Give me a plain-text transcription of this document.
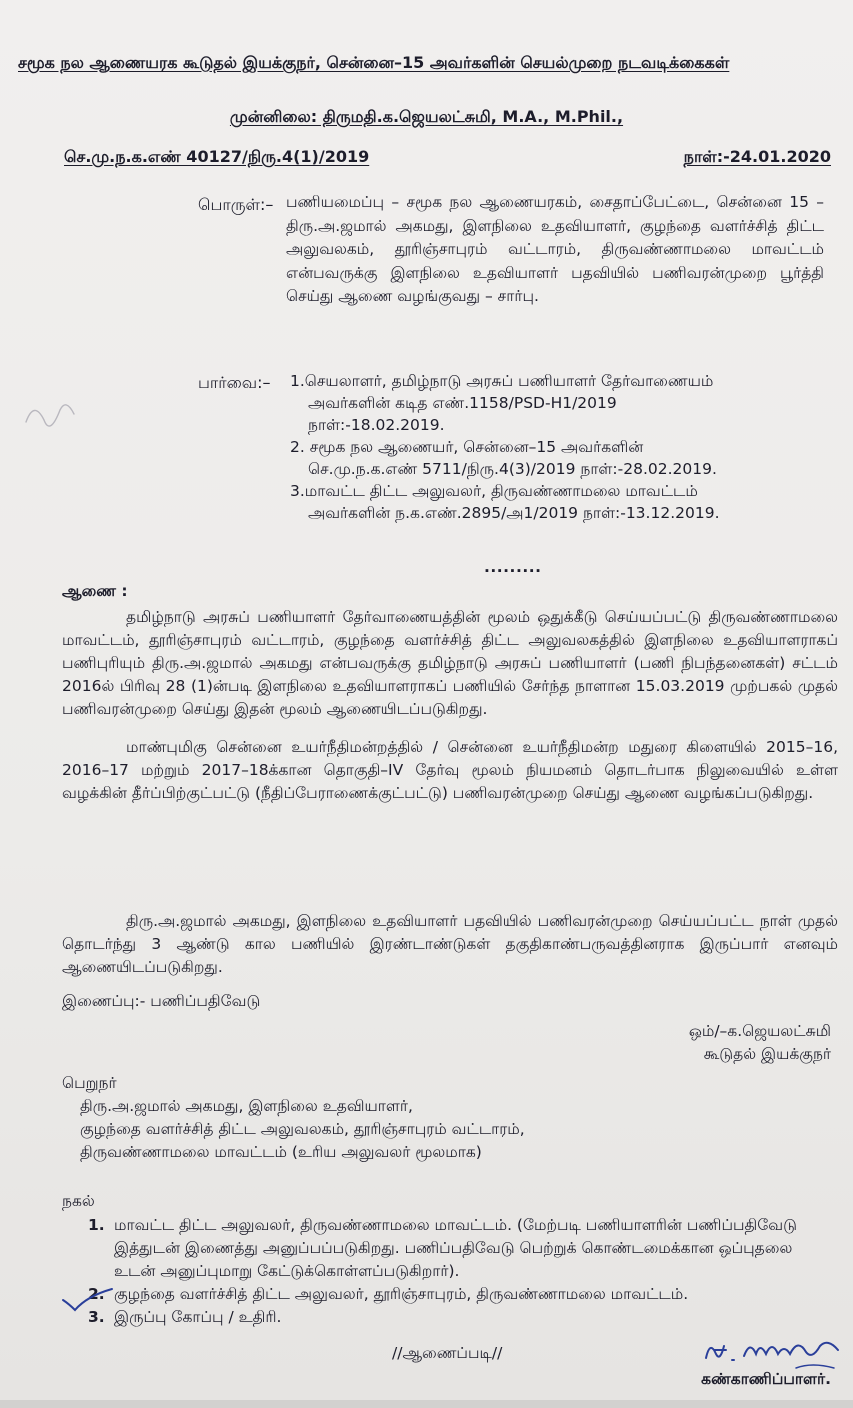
சமூக நல ஆணையரக கூடுதல் இயக்குநர், சென்னை–15 அவர்களின் செயல்முறை நடவடிக்கைகள்
முன்னிலை: திருமதி.க.ஜெயலட்சுமி, M.A., M.Phil.,
செ.மு.ந.க.எண் 40127/நிரு.4(1)/2019	நாள்:-24.01.2020
பொருள்:– பணியமைப்பு – சமூக நல ஆணையரகம், சைதாப்பேட்டை, சென்னை 15 – திரு.அ.ஜமால் அகமது, இளநிலை உதவியாளர், குழந்தை வளர்ச்சித் திட்ட அலுவலகம், தூரிஞ்சாபுரம் வட்டாரம், திருவண்ணாமலை மாவட்டம் என்பவருக்கு இளநிலை உதவியாளர் பதவியில் பணிவரன்முறை பூர்த்தி செய்து ஆணை வழங்குவது – சார்பு.
பார்வை:– 1.செயலாளர், தமிழ்நாடு அரசுப் பணியாளர் தேர்வாணையம்
அவர்களின் கடித எண்.1158/PSD-H1/2019
நாள்:-18.02.2019.
2. சமூக நல ஆணையர், சென்னை–15 அவர்களின்
செ.மு.ந.க.எண் 5711/நிரு.4(3)/2019 நாள்:-28.02.2019.
3.மாவட்ட திட்ட அலுவலர், திருவண்ணாமலை மாவட்டம்
அவர்களின் ந.க.எண்.2895/அ1/2019 நாள்:-13.12.2019.
.........
ஆணை :
தமிழ்நாடு அரசுப் பணியாளர் தேர்வாணையத்தின் மூலம் ஒதுக்கீடு செய்யப்பட்டு திருவண்ணாமலை மாவட்டம், தூரிஞ்சாபுரம் வட்டாரம், குழந்தை வளர்ச்சித் திட்ட அலுவலகத்தில் இளநிலை உதவியாளராகப் பணிபுரியும் திரு.அ.ஜமால் அகமது என்பவருக்கு தமிழ்நாடு அரசுப் பணியாளர் (பணி நிபந்தனைகள்) சட்டம் 2016ல் பிரிவு 28 (1)ன்படி இளநிலை உதவியாளராகப் பணியில் சேர்ந்த நாளான 15.03.2019 முற்பகல் முதல் பணிவரன்முறை செய்து இதன் மூலம் ஆணையிடப்படுகிறது.
மாண்புமிகு சென்னை உயர்நீதிமன்றத்தில் / சென்னை உயர்நீதிமன்ற மதுரை கிளையில் 2015–16, 2016–17 மற்றும் 2017–18க்கான தொகுதி–IV தேர்வு மூலம் நியமனம் தொடர்பாக நிலுவையில் உள்ள வழக்கின் தீர்ப்பிற்குட்பட்டு (நீதிப்பேராணைக்குட்பட்டு) பணிவரன்முறை செய்து ஆணை வழங்கப்படுகிறது.
திரு.அ.ஜமால் அகமது, இளநிலை உதவியாளர் பதவியில் பணிவரன்முறை செய்யப்பட்ட நாள் முதல் தொடர்ந்து 3 ஆண்டு கால பணியில் இரண்டாண்டுகள் தகுதிகாண்பருவத்தினராக இருப்பார் எனவும் ஆணையிடப்படுகிறது.
இணைப்பு:- பணிப்பதிவேடு
ஒம்/–க.ஜெயலட்சுமி
கூடுதல் இயக்குநர்
பெறுநர்
திரு.அ.ஜமால் அகமது, இளநிலை உதவியாளர்,
குழந்தை வளர்ச்சித் திட்ட அலுவலகம், தூரிஞ்சாபுரம் வட்டாரம்,
திருவண்ணாமலை மாவட்டம் (உரிய அலுவலர் மூலமாக)
நகல்
1. மாவட்ட திட்ட அலுவலர், திருவண்ணாமலை மாவட்டம். (மேற்படி பணியாளரின் பணிப்பதிவேடு இத்துடன் இணைத்து அனுப்பப்படுகிறது. பணிப்பதிவேடு பெற்றுக் கொண்டமைக்கான ஒப்புதலை உடன் அனுப்புமாறு கேட்டுக்கொள்ளப்படுகிறார்).
2. குழந்தை வளர்ச்சித் திட்ட அலுவலர், தூரிஞ்சாபுரம், திருவண்ணாமலை மாவட்டம்.
3. இருப்பு கோப்பு / உதிரி.
//ஆணைப்படி//
கண்காணிப்பாளர்.
